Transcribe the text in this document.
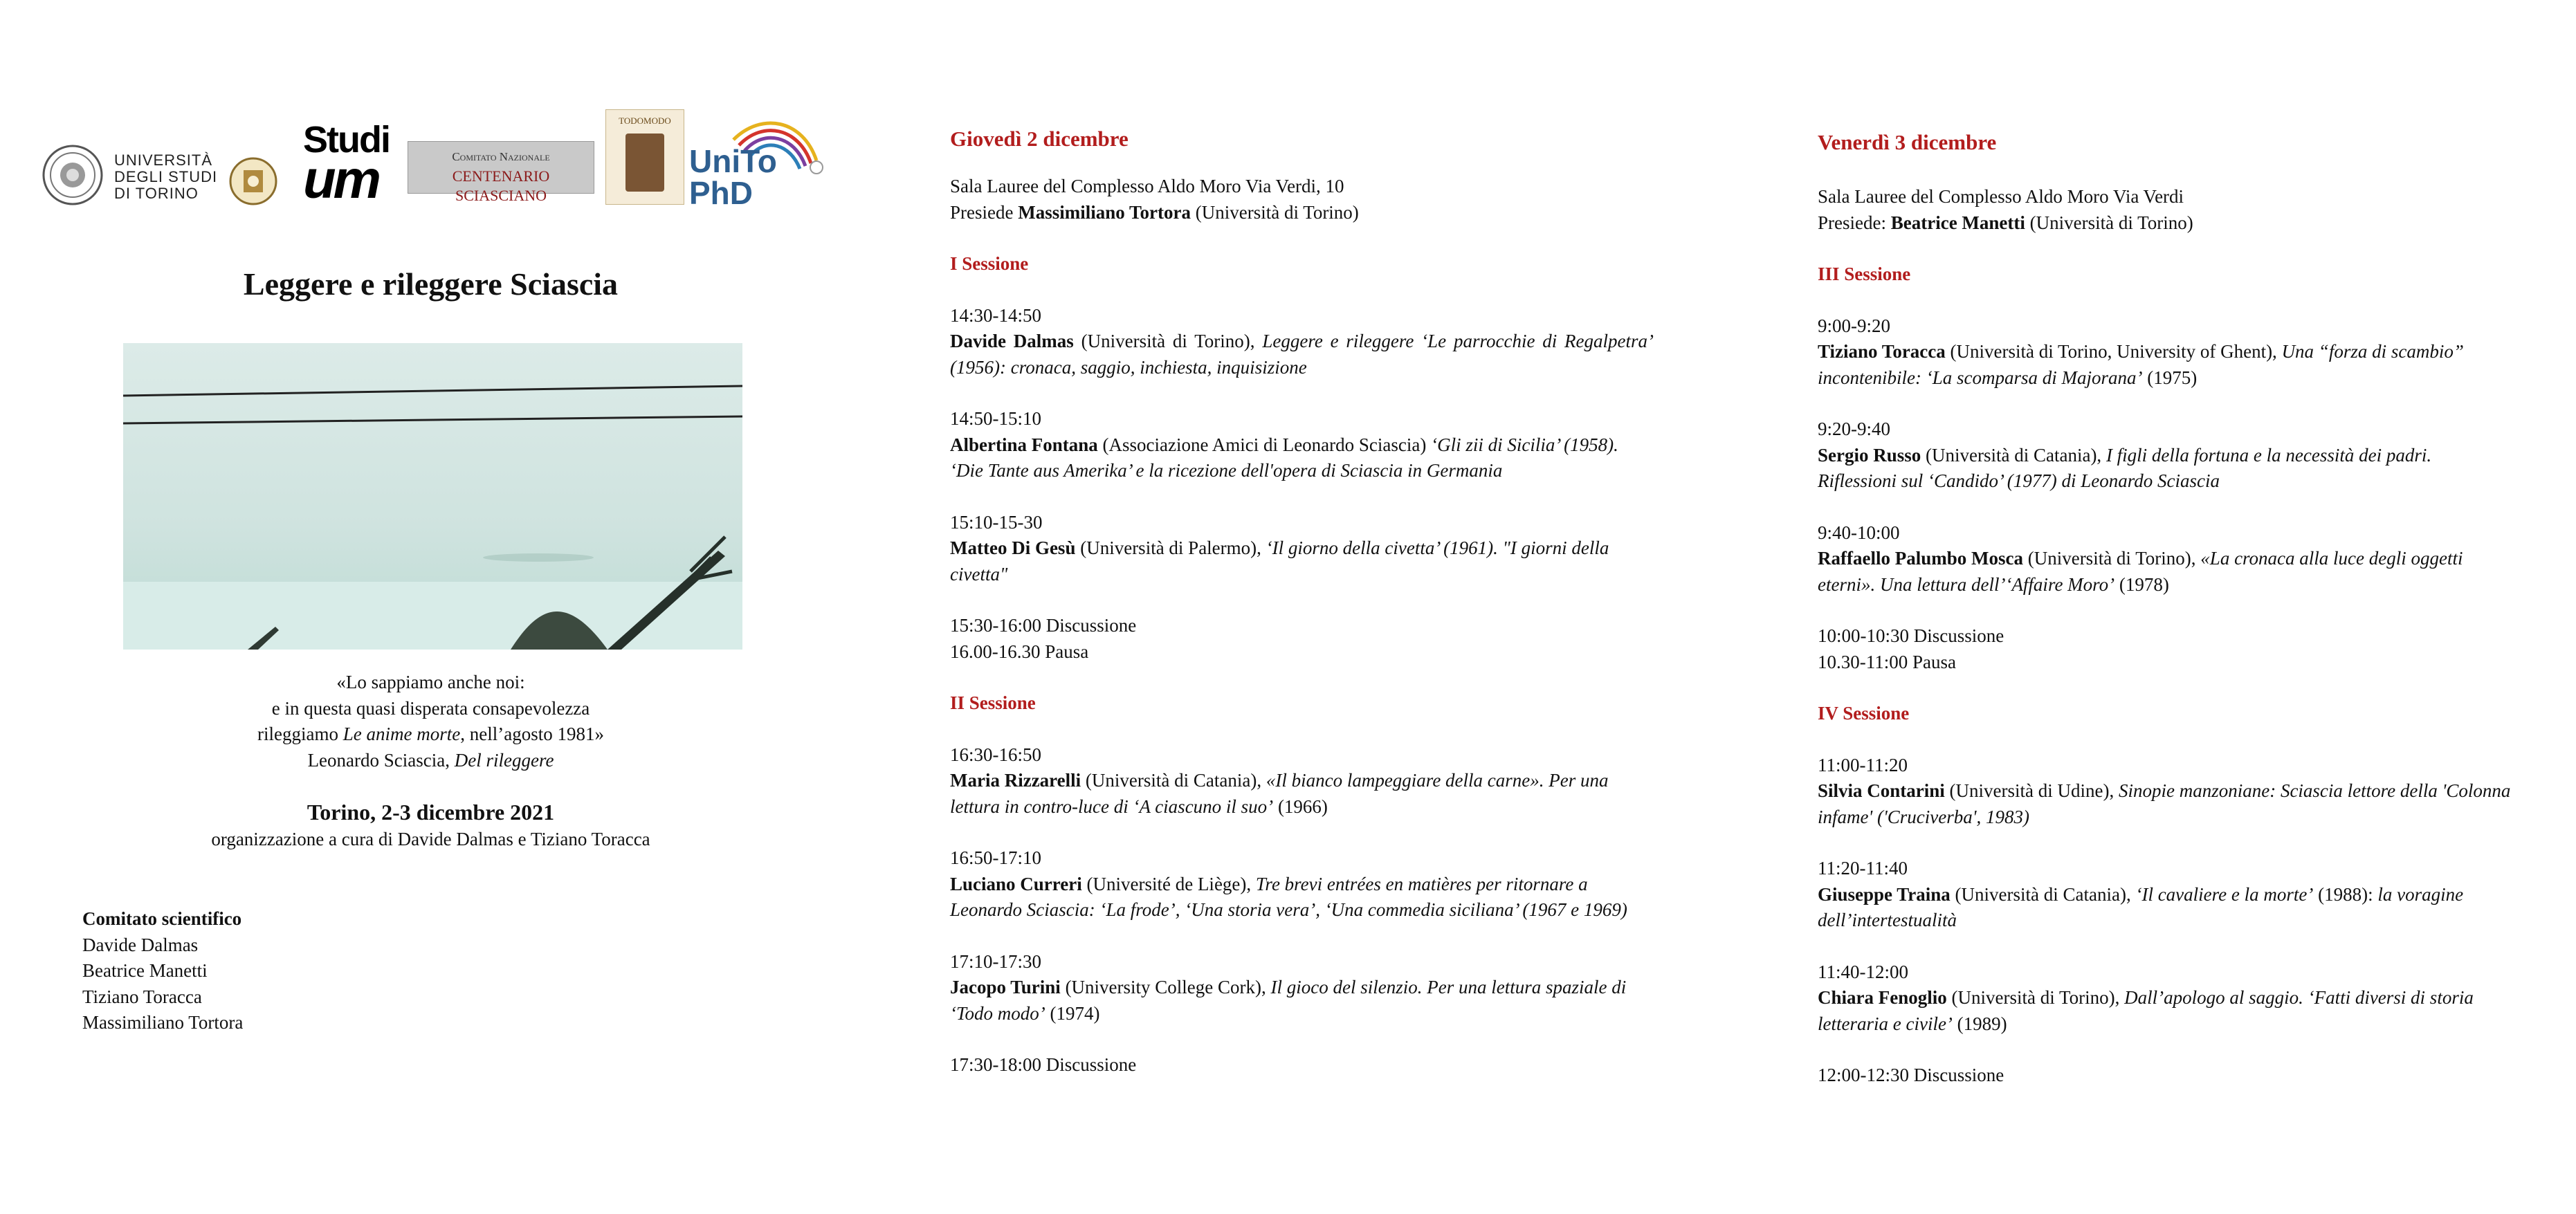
UNIVERSITÀ
DEGLI STUDI
DI TORINO
Studi
um	Comitato Nazionale
CENTENARIO SCIASCIANO
TODOMODO
UniTo
PhD
Leggere e rileggere Sciascia
«Lo sappiamo anche noi:
e in questa quasi disperata consapevolezza
rileggiamo Le anime morte, nell’agosto 1981»
Leonardo Sciascia, Del rileggere
Torino, 2-3 dicembre 2021
organizzazione a cura di Davide Dalmas e Tiziano Toracca

Comitato scientifico

Davide Dalmas

Beatrice Manetti

Tiziano Toracca

Massimiliano Tortora

Giovedì 2 dicembre

Sala Lauree del Complesso Aldo Moro Via Verdi, 10

Presiede Massimiliano Tortora (Università di Torino)

I Sessione

14:30-14:50

Davide Dalmas (Università di Torino), Leggere e rileggere ‘Le parrocchie di Regalpetra’ (1956): cronaca, saggio, inchiesta, inquisizione

14:50-15:10

Albertina Fontana (Associazione Amici di Leonardo Sciascia) ‘Gli zii di Sicilia’ (1958). ‘Die Tante aus Amerika’ e la ricezione dell'opera di Sciascia in Germania

15:10-15-30

Matteo Di Gesù (Università di Palermo), ‘Il giorno della civetta’ (1961). "I giorni della civetta"

15:30-16:00 Discussione

16.00-16.30 Pausa

II Sessione

16:30-16:50

Maria Rizzarelli (Università di Catania), «Il bianco lampeggiare della carne». Per una lettura in contro-luce di ‘A ciascuno il suo’ (1966)

16:50-17:10

Luciano Curreri (Université de Liège), Tre brevi entrées en matières per ritornare a Leonardo Sciascia: ‘La frode’, ‘Una storia vera’, ‘Una commedia siciliana’ (1967 e 1969)

17:10-17:30

Jacopo Turini (University College Cork), Il gioco del silenzio. Per una lettura spaziale di ‘Todo modo’ (1974)

17:30-18:00 Discussione

Venerdì 3 dicembre

Sala Lauree del Complesso Aldo Moro Via Verdi

Presiede: Beatrice Manetti (Università di Torino)

III Sessione

9:00-9:20

Tiziano Toracca (Università di Torino, University of Ghent), Una “forza di scambio” incontenibile: ‘La scomparsa di Majorana’ (1975)

9:20-9:40

Sergio Russo (Università di Catania), I figli della fortuna e la necessità dei padri. Riflessioni sul ‘Candido’ (1977) di Leonardo Sciascia

9:40-10:00

Raffaello Palumbo Mosca (Università di Torino), «La cronaca alla luce degli oggetti eterni». Una lettura dell’‘Affaire Moro’ (1978)

10:00-10:30 Discussione

10.30-11:00 Pausa

IV Sessione

11:00-11:20

Silvia Contarini (Università di Udine), Sinopie manzoniane: Sciascia lettore della 'Colonna infame' ('Cruciverba', 1983)

11:20-11:40

Giuseppe Traina (Università di Catania), ‘Il cavaliere e la morte’ (1988): la voragine dell’intertestualità

11:40-12:00

Chiara Fenoglio (Università di Torino), Dall’apologo al saggio. ‘Fatti diversi di storia letteraria e civile’ (1989)

12:00-12:30 Discussione
